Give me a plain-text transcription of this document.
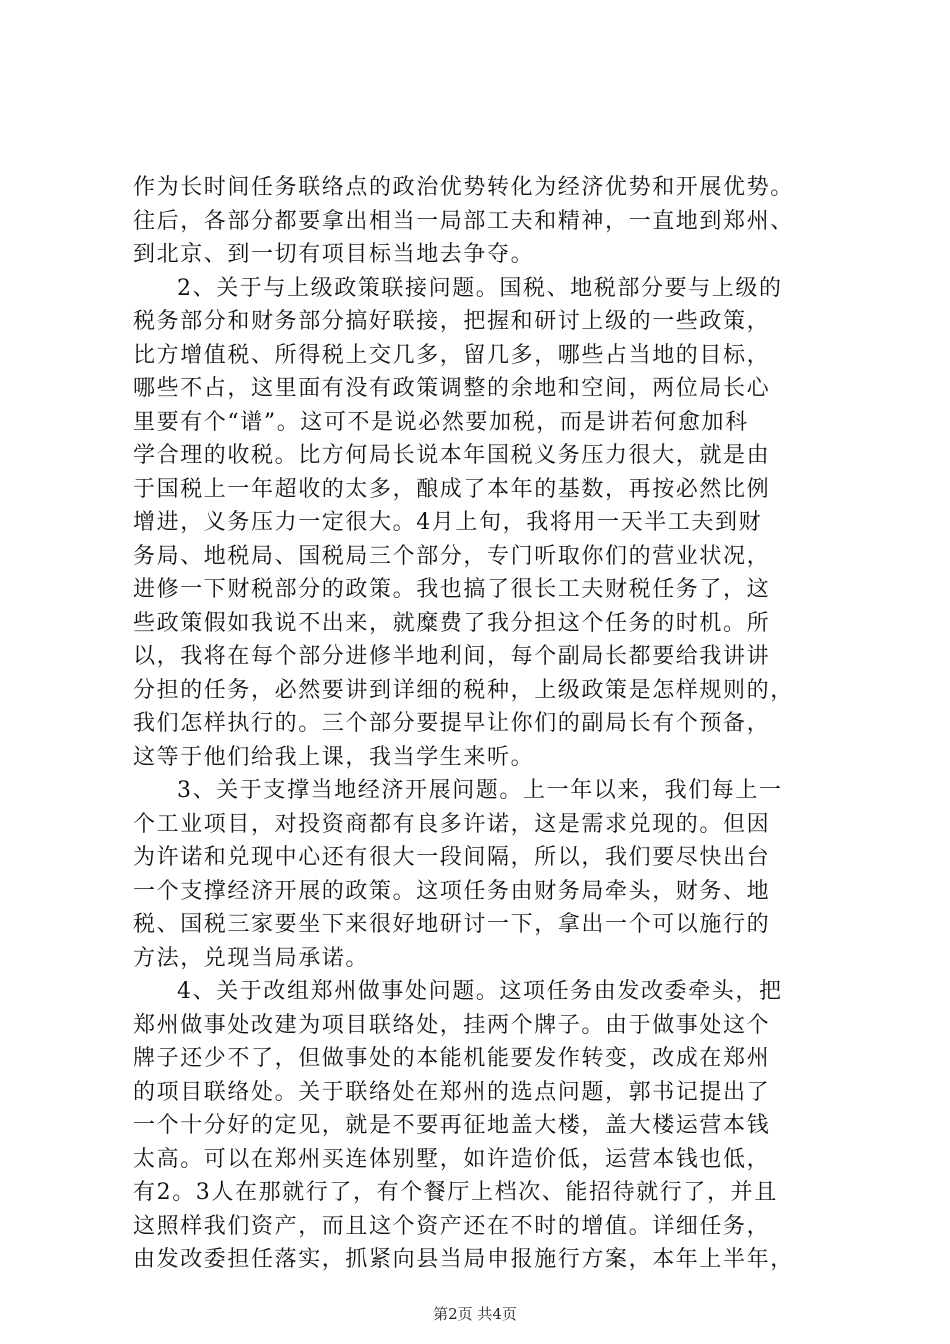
作为长时间任务联络点的政治优势转化为经济优势和开展优势。
往后，各部分都要拿出相当一局部工夫和精神，一直地到郑州、
到北京、到一切有项目标当地去争夺。
2、关于与上级政策联接问题。国税、地税部分要与上级的
税务部分和财务部分搞好联接，把握和研讨上级的一些政策，
比方增值税、所得税上交几多，留几多，哪些占当地的目标，
哪些不占，这里面有没有政策调整的余地和空间，两位局长心
里要有个“谱”。这可不是说必然要加税，而是讲若何愈加科
学合理的收税。比方何局长说本年国税义务压力很大，就是由
于国税上一年超收的太多，酿成了本年的基数，再按必然比例
增进，义务压力一定很大。4月上旬，我将用一天半工夫到财
务局、地税局、国税局三个部分，专门听取你们的营业状况，
进修一下财税部分的政策。我也搞了很长工夫财税任务了，这
些政策假如我说不出来，就糜费了我分担这个任务的时机。所
以，我将在每个部分进修半地利间，每个副局长都要给我讲讲
分担的任务，必然要讲到详细的税种，上级政策是怎样规则的，
我们怎样执行的。三个部分要提早让你们的副局长有个预备，
这等于他们给我上课，我当学生来听。
3、关于支撑当地经济开展问题。上一年以来，我们每上一
个工业项目，对投资商都有良多许诺，这是需求兑现的。但因
为许诺和兑现中心还有很大一段间隔，所以，我们要尽快出台
一个支撑经济开展的政策。这项任务由财务局牵头，财务、地
税、国税三家要坐下来很好地研讨一下，拿出一个可以施行的
方法，兑现当局承诺。
4、关于改组郑州做事处问题。这项任务由发改委牵头，把
郑州做事处改建为项目联络处，挂两个牌子。由于做事处这个
牌子还少不了，但做事处的本能机能要发作转变，改成在郑州
的项目联络处。关于联络处在郑州的选点问题，郭书记提出了
一个十分好的定见，就是不要再征地盖大楼，盖大楼运营本钱
太高。可以在郑州买连体别墅，如许造价低，运营本钱也低，
有2。3人在那就行了，有个餐厅上档次、能招待就行了，并且
这照样我们资产，而且这个资产还在不时的增值。详细任务，
由发改委担任落实，抓紧向县当局申报施行方案，本年上半年，
第2页 共4页
